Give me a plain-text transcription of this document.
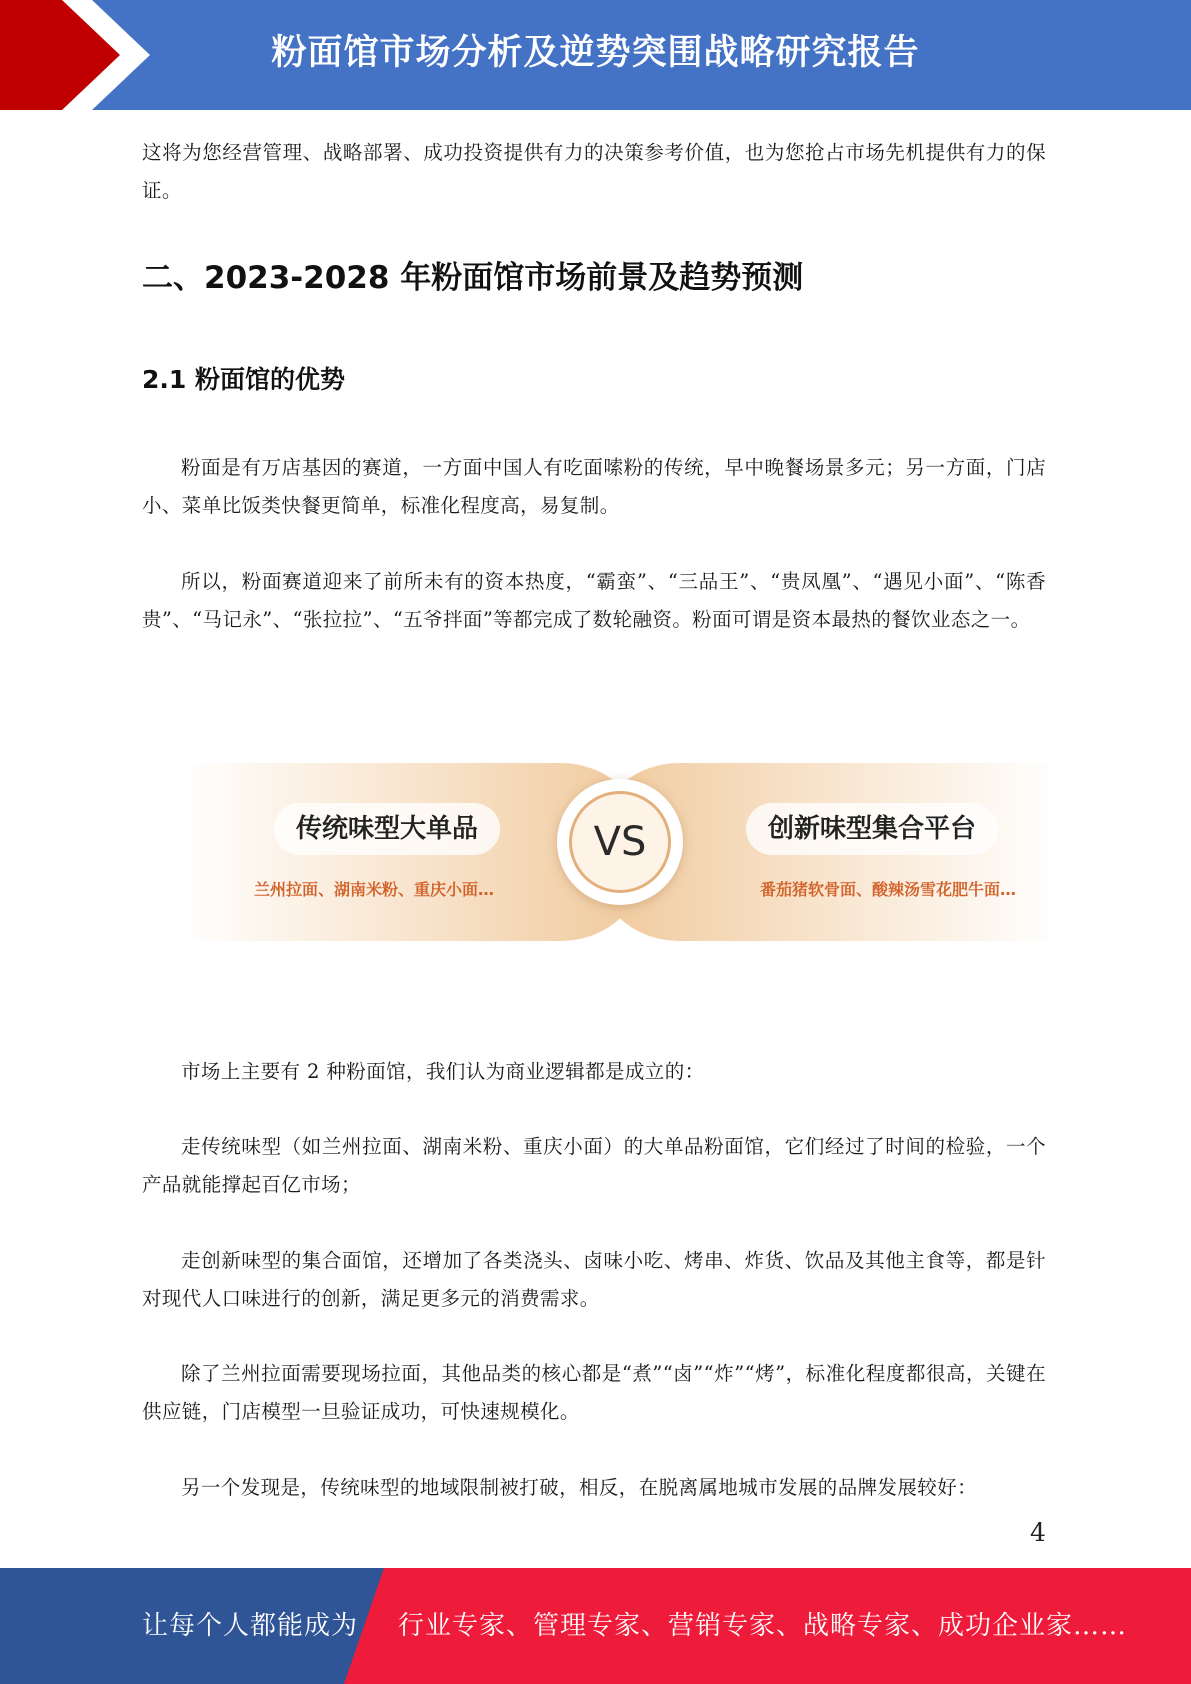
粉面馆市场分析及逆势突围战略研究报告

这将为您经营管理、战略部署、成功投资提供有力的决策参考价值，也为您抢占市场先机提供有力的保证。

二、2023-2028 年粉面馆市场前景及趋势预测
2.1 粉面馆的优势

粉面是有万店基因的赛道，一方面中国人有吃面嗦粉的传统，早中晚餐场景多元；另一方面，门店小、菜单比饭类快餐更简单，标准化程度高，易复制。

所以，粉面赛道迎来了前所未有的资本热度，“霸蛮”、“三品王”、“贵凤凰”、“遇见小面”、“陈香贵”、“马记永”、“张拉拉”、“五爷拌面”等都完成了数轮融资。粉面可谓是资本最热的餐饮业态之一。

传统味型大单品
兰州拉面、湖南米粉、重庆小面…
创新味型集合平台
番茄猪软骨面、酸辣汤雪花肥牛面…
VS

市场上主要有 2 种粉面馆，我们认为商业逻辑都是成立的：

走传统味型（如兰州拉面、湖南米粉、重庆小面）的大单品粉面馆，它们经过了时间的检验，一个产品就能撑起百亿市场；

走创新味型的集合面馆，还增加了各类浇头、卤味小吃、烤串、炸货、饮品及其他主食等，都是针对现代人口味进行的创新，满足更多元的消费需求。

除了兰州拉面需要现场拉面，其他品类的核心都是“煮”“卤”“炸”“烤”，标准化程度都很高，关键在供应链，门店模型一旦验证成功，可快速规模化。

另一个发现是，传统味型的地域限制被打破，相反，在脱离属地城市发展的品牌发展较好：

4
让每个人都能成为 行业专家、管理专家、营销专家、战略专家、成功企业家……
